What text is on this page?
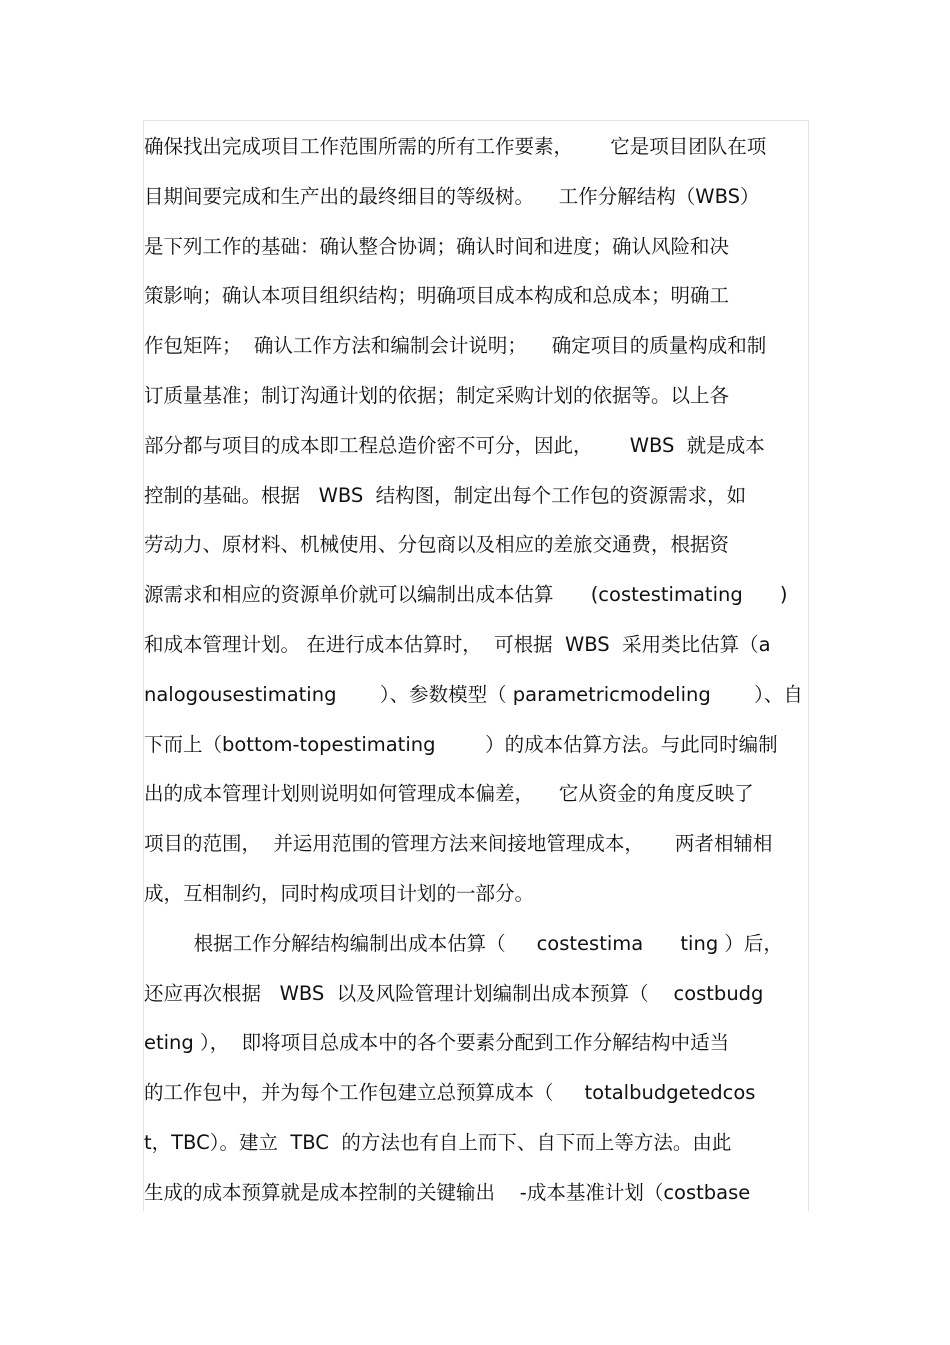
确保找出完成项目工作范围所需的所有工作要素，      它是项目团队在项
目期间要完成和生产出的最终细目的等级树。    工作分解结构（WBS）
是下列工作的基础：确认整合协调；确认时间和进度；确认风险和决
策影响；确认本项目组织结构；明确项目成本构成和总成本；明确工
作包矩阵；  确认工作方法和编制会计说明；    确定项目的质量构成和制
订质量基准；制订沟通计划的依据；制定采购计划的依据等。以上各
部分都与项目的成本即工程总造价密不可分，因此，      WBS  就是成本
控制的基础。根据   WBS  结构图，制定出每个工作包的资源需求，如
劳动力、原材料、机械使用、分包商以及相应的差旅交通费，根据资
源需求和相应的资源单价就可以编制出成本估算      (costestimating      )
和成本管理计划。 在进行成本估算时，  可根据  WBS  采用类比估算（a
nalogousestimating       ）、参数模型（ parametricmodeling       ）、自
下而上（bottom-topestimating        ）的成本估算方法。与此同时编制
出的成本管理计划则说明如何管理成本偏差，    它从资金的角度反映了
项目的范围，  并运用范围的管理方法来间接地管理成本，     两者相辅相
成，互相制约，同时构成项目计划的一部分。
根据工作分解结构编制出成本估算（     costestima      ting ）后，
还应再次根据   WBS  以及风险管理计划编制出成本预算（    costbudg
eting ），  即将项目总成本中的各个要素分配到工作分解结构中适当
的工作包中，并为每个工作包建立总预算成本（     totalbudgetedcos
t，TBC）。建立  TBC  的方法也有自上而下、自下而上等方法。由此
生成的成本预算就是成本控制的关键输出    -成本基准计划（costbase
